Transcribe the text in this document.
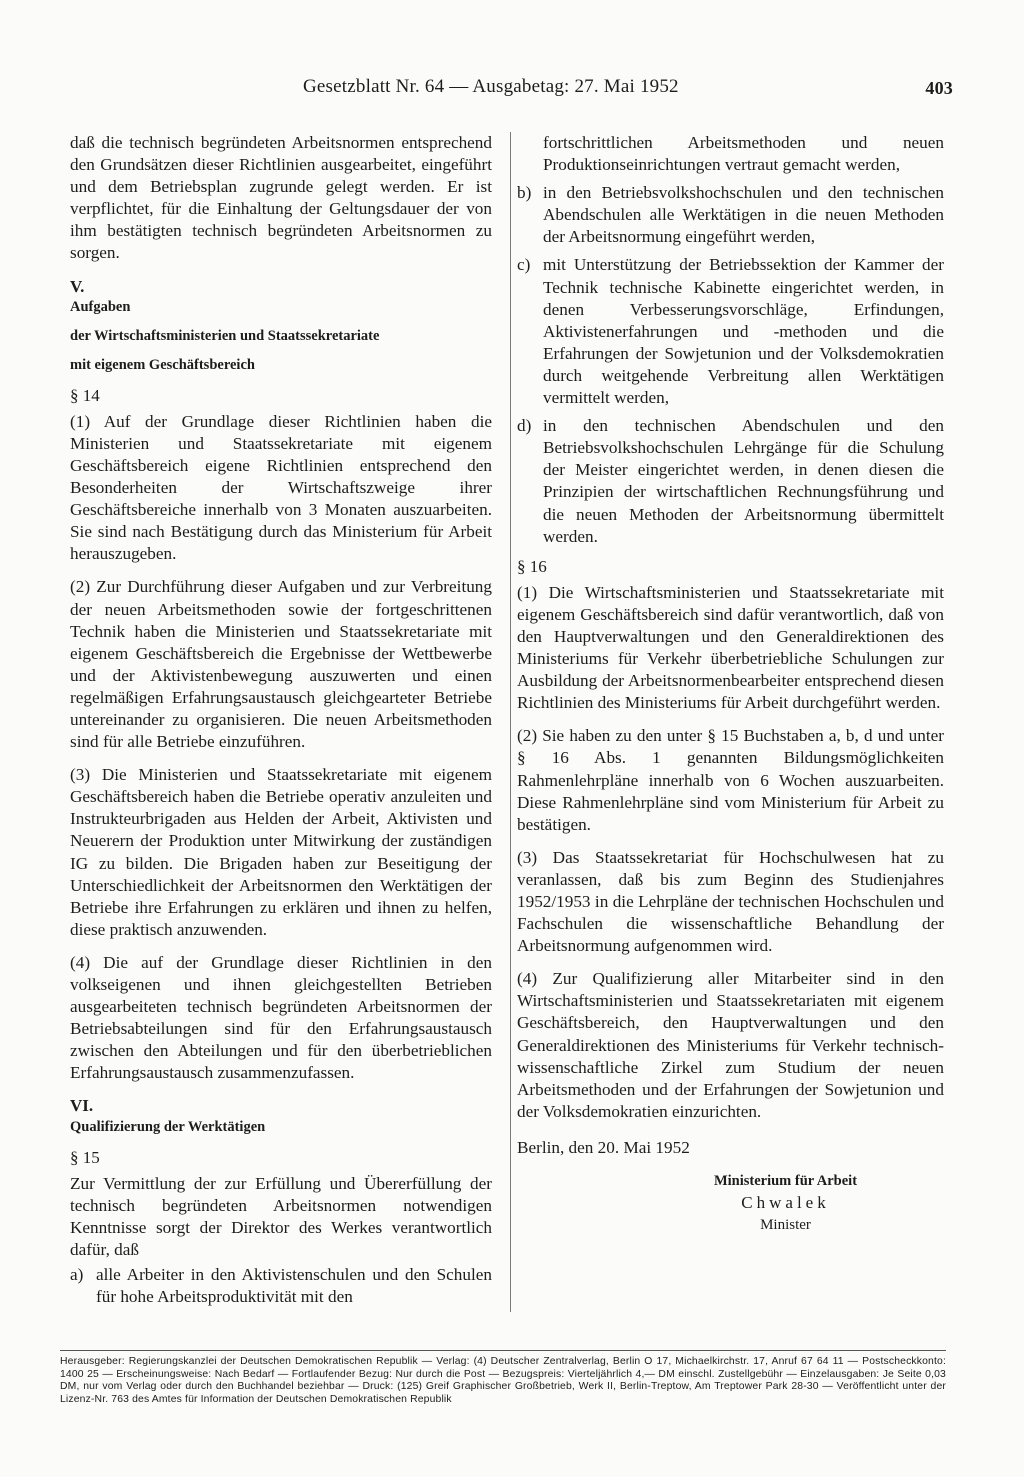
Gesetzblatt Nr. 64 — Ausgabetag: 27. Mai 1952	403

daß die technisch begründeten Arbeitsnormen entsprechend den Grundsätzen dieser Richtlinien ausgearbeitet, eingeführt und dem Betriebsplan zugrunde gelegt werden. Er ist verpflichtet, für die Einhaltung der Geltungsdauer der von ihm bestätigten technisch begründeten Arbeitsnormen zu sorgen.

V.

Aufgaben

der Wirtschaftsministerien und Staatssekretariate

mit eigenem Geschäftsbereich

§ 14

(1) Auf der Grundlage dieser Richtlinien haben die Ministerien und Staatssekretariate mit eigenem Geschäftsbereich eigene Richtlinien entsprechend den Besonderheiten der Wirtschaftszweige ihrer Geschäftsbereiche innerhalb von 3 Monaten auszuarbeiten. Sie sind nach Bestätigung durch das Ministerium für Arbeit herauszugeben.

(2) Zur Durchführung dieser Aufgaben und zur Verbreitung der neuen Arbeitsmethoden sowie der fortgeschrittenen Technik haben die Ministerien und Staatssekretariate mit eigenem Geschäftsbereich die Ergebnisse der Wettbewerbe und der Aktivistenbewegung auszuwerten und einen regelmäßigen Erfahrungsaustausch gleichgearteter Betriebe untereinander zu organisieren. Die neuen Arbeitsmethoden sind für alle Betriebe einzuführen.

(3) Die Ministerien und Staatssekretariate mit eigenem Geschäftsbereich haben die Betriebe operativ anzuleiten und Instrukteurbrigaden aus Helden der Arbeit, Aktivisten und Neuerern der Produktion unter Mitwirkung der zuständigen IG zu bilden. Die Brigaden haben zur Beseitigung der Unterschiedlichkeit der Arbeitsnormen den Werktätigen der Betriebe ihre Erfahrungen zu erklären und ihnen zu helfen, diese praktisch anzuwenden.

(4) Die auf der Grundlage dieser Richtlinien in den volkseigenen und ihnen gleichgestellten Betrieben ausgearbeiteten technisch begründeten Arbeitsnormen der Betriebsabteilungen sind für den Erfahrungsaustausch zwischen den Abteilungen und für den überbetrieblichen Erfahrungsaustausch zusammenzufassen.

VI.

Qualifizierung der Werktätigen

§ 15

Zur Vermittlung der zur Erfüllung und Übererfüllung der technisch begründeten Arbeitsnormen notwendigen Kenntnisse sorgt der Direktor des Werkes verantwortlich dafür, daß

a) alle Arbeiter in den Aktivistenschulen und den Schulen für hohe Arbeitsproduktivität mit den
fortschrittlichen Arbeitsmethoden und neuen Produktionseinrichtungen vertraut gemacht werden,
b) in den Betriebsvolkshochschulen und den technischen Abendschulen alle Werktätigen in die neuen Methoden der Arbeitsnormung eingeführt werden,
c) mit Unterstützung der Betriebssektion der Kammer der Technik technische Kabinette eingerichtet werden, in denen Verbesserungsvorschläge, Erfindungen, Aktivistenerfahrungen und -methoden und die Erfahrungen der Sowjetunion und der Volksdemokratien durch weitgehende Verbreitung allen Werktätigen vermittelt werden,
d) in den technischen Abendschulen und den Betriebsvolkshochschulen Lehrgänge für die Schulung der Meister eingerichtet werden, in denen diesen die Prinzipien der wirtschaftlichen Rechnungsführung und die neuen Methoden der Arbeitsnormung übermittelt werden.

§ 16

(1) Die Wirtschaftsministerien und Staatssekretariate mit eigenem Geschäftsbereich sind dafür verantwortlich, daß von den Hauptverwaltungen und den Generaldirektionen des Ministeriums für Verkehr überbetriebliche Schulungen zur Ausbildung der Arbeitsnormenbearbeiter entsprechend diesen Richtlinien des Ministeriums für Arbeit durchgeführt werden.

(2) Sie haben zu den unter § 15 Buchstaben a, b, d und unter § 16 Abs. 1 genannten Bildungsmöglichkeiten Rahmenlehrpläne innerhalb von 6 Wochen auszuarbeiten. Diese Rahmenlehrpläne sind vom Ministerium für Arbeit zu bestätigen.

(3) Das Staatssekretariat für Hochschulwesen hat zu veranlassen, daß bis zum Beginn des Studienjahres 1952/1953 in die Lehrpläne der technischen Hochschulen und Fachschulen die wissenschaftliche Behandlung der Arbeitsnormung aufgenommen wird.

(4) Zur Qualifizierung aller Mitarbeiter sind in den Wirtschaftsministerien und Staatssekretariaten mit eigenem Geschäftsbereich, den Hauptverwaltungen und den Generaldirektionen des Ministeriums für Verkehr technisch-wissenschaftliche Zirkel zum Studium der neuen Arbeitsmethoden und der Erfahrungen der Sowjetunion und der Volksdemokratien einzurichten.

Berlin, den 20. Mai 1952

Ministerium für Arbeit
Chwalek
Minister
Herausgeber: Regierungskanzlei der Deutschen Demokratischen Republik — Verlag: (4) Deutscher Zentralverlag, Berlin O 17, Michaelkirchstr. 17, Anruf 67 64 11 — Postscheckkonto: 1400 25 — Erscheinungsweise: Nach Bedarf — Fortlaufender Bezug: Nur durch die Post — Bezugspreis: Vierteljährlich 4,— DM einschl. Zustellgebühr — Einzelausgaben: Je Seite 0,03 DM, nur vom Verlag oder durch den Buchhandel beziehbar — Druck: (125) Greif Graphischer Großbetrieb, Werk II, Berlin-Treptow, Am Treptower Park 28-30 — Veröffentlicht unter der Lizenz-Nr. 763 des Amtes für Information der Deutschen Demokratischen Republik
